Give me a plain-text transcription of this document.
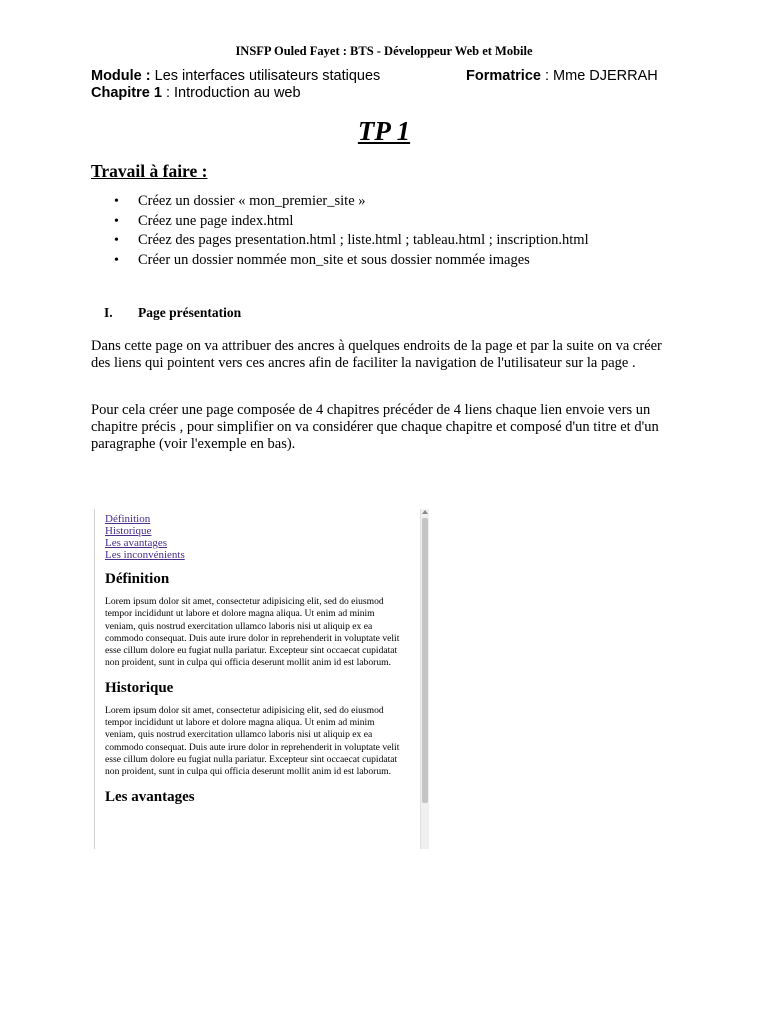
INSFP Ouled Fayet : BTS - Développeur Web et Mobile
Module : Les interfaces utilisateurs statiques	Formatrice : Mme DJERRAH
Chapitre 1 : Introduction au web
TP 1
Travail à faire :
• Créez un dossier « mon_premier_site »
• Créez une page index.html
• Créez des pages presentation.html ; liste.html ; tableau.html ; inscription.html
• Créer un dossier nommée mon_site et sous dossier nommée images
I. Page présentation

Dans cette page on va attribuer des ancres à quelques endroits de la page et par la suite on va créer des liens qui pointent vers ces ancres afin de faciliter la navigation de l'utilisateur sur la page .

Pour cela créer une page composée de 4 chapitres précéder de 4 liens chaque lien envoie vers un chapitre précis , pour simplifier on va considérer que chaque chapitre et composé d'un titre et d'un paragraphe (voir l'exemple en bas).

Définition
Historique
Les avantages
Les inconvénients
Définition

Lorem ipsum dolor sit amet, consectetur adipisicing elit, sed do eiusmod tempor incididunt ut labore et dolore magna aliqua. Ut enim ad minim veniam, quis nostrud exercitation ullamco laboris nisi ut aliquip ex ea commodo consequat. Duis aute irure dolor in reprehenderit in voluptate velit esse cillum dolore eu fugiat nulla pariatur. Excepteur sint occaecat cupidatat non proident, sunt in culpa qui officia deserunt mollit anim id est laborum.

Historique

Lorem ipsum dolor sit amet, consectetur adipisicing elit, sed do eiusmod tempor incididunt ut labore et dolore magna aliqua. Ut enim ad minim veniam, quis nostrud exercitation ullamco laboris nisi ut aliquip ex ea commodo consequat. Duis aute irure dolor in reprehenderit in voluptate velit esse cillum dolore eu fugiat nulla pariatur. Excepteur sint occaecat cupidatat non proident, sunt in culpa qui officia deserunt mollit anim id est laborum.

Les avantages
